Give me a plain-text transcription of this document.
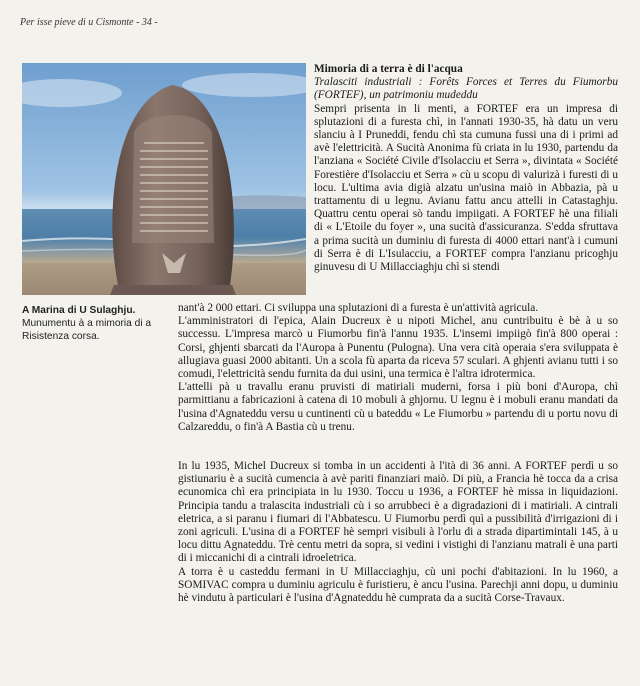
Per isse pieve di u Cismonte - 34 -
A Marina di U Sulaghju.
Munumentu à a mimoria di a Risistenza corsa.
Mimoria di a terra è di l'acqua
Tralasciti industriali : Forêts Forces et Terres du Fiumorbu (FORTEF), un patrimoniu mudeddu

Sempri prisenta in li menti, a FORTEF era un impresa di splutazioni di a furesta chì, in l'annati 1930-35, hà datu un veru slanciu à I Pruneddi, fendu chì sta cumuna fussi una di i primi ad avè l'elettricità. A Sucità Anonima fù criata in lu 1930, partendu da l'anziana « Société Civile d'Isolacciu et Serra », divintata « Société Forestière d'Isolacciu et Serra » cù u scopu di valurizà i furesti di u locu. L'ultima avia digià alzatu un'usina maiò in Abbazia, pà u trattamentu di u legnu. Avianu fattu ancu attelli in Catastaghju. Quattru centu operai sò tandu impiigati. A FORTEF hè una filiali di « L'Etoile du foyer », una sucità d'assicuranza. S'edda sfruttava a prima sucità un duminiu di furesta di 4000 ettari nant'à i cumuni di Serra è di L'Isulacciu, a FORTEF compra l'anzianu pricoghju ginuvesu di U Millacciaghju chì si stendi

nant'à 2 000 ettari. Ci sviluppa una splutazioni di a furesta è un'attività agricula.

L'amministratori di l'epica, Alain Ducreux è u nipoti Michel, anu cuntribuitu è bè à u so successu. L'impresa marcò u Fiumorbu fin'à l'annu 1935. L'insemi impiigò fin'à 800 operai : Corsi, ghjenti sbarcati da l'Auropa à Punentu (Pulogna). Una vera cità operaia s'era sviluppata è allugiava guasi 2000 abitanti. Un a scola fù aparta da riceva 57 sculari. A ghjenti avianu tutti i so comudi, l'elettricità sendu furnita da dui usini, una termica è l'altra idrotermica.

L'attelli pà u travallu eranu pruvisti di matiriali muderni, forsa i più boni d'Auropa, chì parmittianu a fabricazioni à catena di 10 mobuli à ghjornu. U legnu è i mobuli eranu mandati da l'usina d'Agnateddu versu u cuntinenti cù u bateddu « Le Fiumorbu » partendu di u portu novu di Calzareddu, o fin'à A Bastia cù u trenu.

In lu 1935, Michel Ducreux si tomba in un accidenti à l'ità di 36 anni. A FORTEF perdì u so gistiunariu è a sucità cumencia à avè pariti finanziari maiò. Di più, a Francia hè tocca da a crisa ecunomica chì era principiata in lu 1930. Toccu u 1936, a FORTEF hè missa in liquidazioni. Principia tandu a tralascita industriali cù i so arrubbeci è a digradazioni di i matiriali. A cintrali eletrica, a si paranu i fiumari di l'Abbatescu. U Fiumorbu perdì quì a pussibilità d'irrigazioni di i zoni agriculi. L'usina di a FORTEF hè sempri visibuli à l'orlu di a strada dipartimintali 145, à u locu dittu Agnateddu. Trè centu metri da sopra, si vedini i vistighi di l'anzianu matrali è una parti di i miccanichi di a cintrali idroeletrica.

A torra è u casteddu fermani in U Millacciaghju, cù uni pochi d'abitazioni. In lu 1960, a SOMIVAC compra u duminiu agriculu è furistieru, è ancu l'usina. Parechji anni dopu, u duminiu hè vindutu à particulari è l'usina d'Agnateddu hè cumprata da a sucità Corse-Travaux.
